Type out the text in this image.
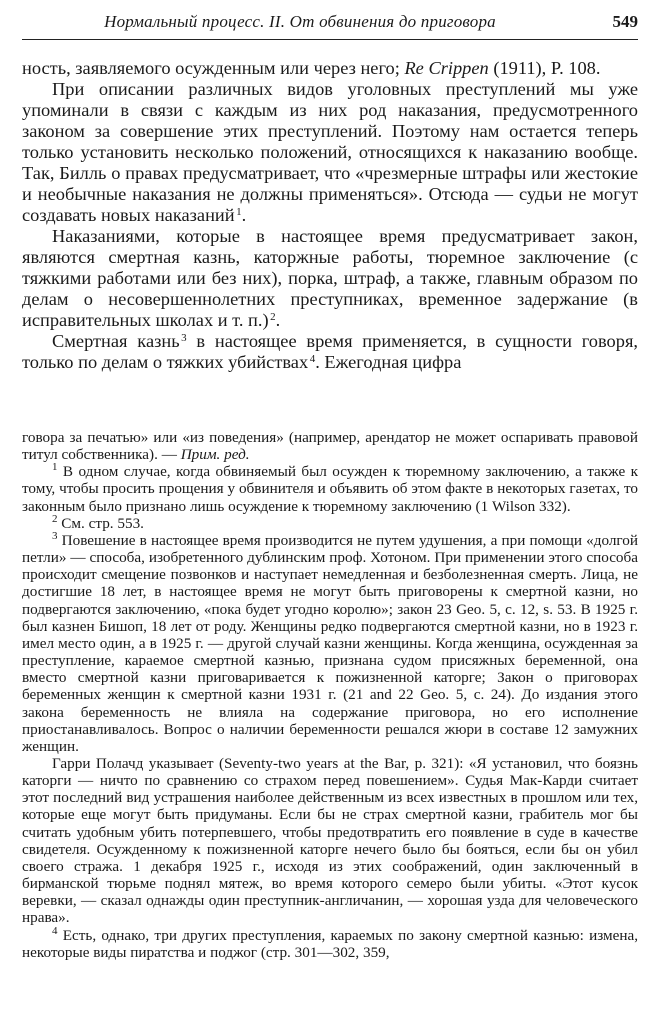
Нормальный процесс. II. От обвинения до приговора	549

ность, заявляемого осужденным или через него; Re Crippen (1911), P. 108.

При описании различных видов уголовных преступлений мы уже упоминали в связи с каждым из них род наказания, предусмотренного законом за совершение этих преступлений. Поэтому нам остается теперь только установить несколько положений, относящихся к наказанию вообще. Так, Билль о правах предусматривает, что «чрезмерные штрафы или жестокие и необычные наказания не должны применяться». Отсюда — судьи не могут создавать новых наказаний  $^1$.

Наказаниями, которые в настоящее время предусматривает закон, являются смертная казнь, каторжные работы, тюремное заключение (с тяжкими работами или без них), порка, штраф, а также, главным образом по делам о несовершеннолетних преступниках, временное задержание (в исправительных школах и т. п.)  $^2$.

Смертная казнь  $^3$ в настоящее время применяется, в сущности говоря, только по делам о тяжких убийствах  $^4$. Ежегодная цифра

говора за печатью» или «из поведения» (например, арендатор не может оспаривать правовой титул собственника). — Прим. ред.

$^1$ В одном случае, когда обвиняемый был осужден к тюремному заключению, а также к тому, чтобы просить прощения у обвинителя и объявить об этом факте в некоторых газетах, то законным было признано лишь осуждение к тюремному заключению (1 Wilson 332).

$^2$ См. стр. 553.

$^3$ Повешение в настоящее время производится не путем удушения, а при помощи «долгой петли» — способа, изобретенного дублинским проф. Хотоном. При применении этого способа происходит смещение позвонков и наступает немедленная и безболезненная смерть. Лица, не достигшие 18 лет, в настоящее время не могут быть приговорены к смертной казни, но подвергаются заключению, «пока будет угодно королю»; закон 23 Geo. 5, c. 12, s. 53. В 1925 г. был казнен Бишоп, 18 лет от роду. Женщины редко подвергаются смертной казни, но в 1923 г. имел место один, а в 1925 г. — другой случай казни женщины. Когда женщина, осужденная за преступление, караемое смертной казнью, признана судом присяжных беременной, она вместо смертной казни приговаривается к пожизненной каторге; Закон о приговорах беременных женщин к смертной казни 1931 г. (21 and 22 Geo. 5, c. 24). До издания этого закона беременность не влияла на содержание приговора, но его исполнение приостанавливалось. Вопрос о наличии беременности решался жюри в составе 12 замужних женщин.

Гарри Полачд указывает (Seventy-two years at the Bar, p. 321): «Я установил, что боязнь каторги — ничто по сравнению со страхом перед повешением». Судья Мак-Карди считает этот последний вид устрашения наиболее действенным из всех известных в прошлом или тех, которые еще могут быть придуманы. Если бы не страх смертной казни, грабитель мог бы считать удобным убить потерпевшего, чтобы предотвратить его появление в суде в качестве свидетеля. Осужденному к пожизненной каторге нечего было бы бояться, если бы он убил своего стража. 1 декабря 1925 г., исходя из этих соображений, один заключенный в бирманской тюрьме поднял мятеж, во время которого семеро были убиты. «Этот кусок веревки, — сказал однажды один преступник-англичанин, — хорошая узда для человеческого нрава».

$^4$ Есть, однако, три других преступления, караемых по закону смертной казнью: измена, некоторые виды пиратства и поджог (стр. 301—302, 359,
